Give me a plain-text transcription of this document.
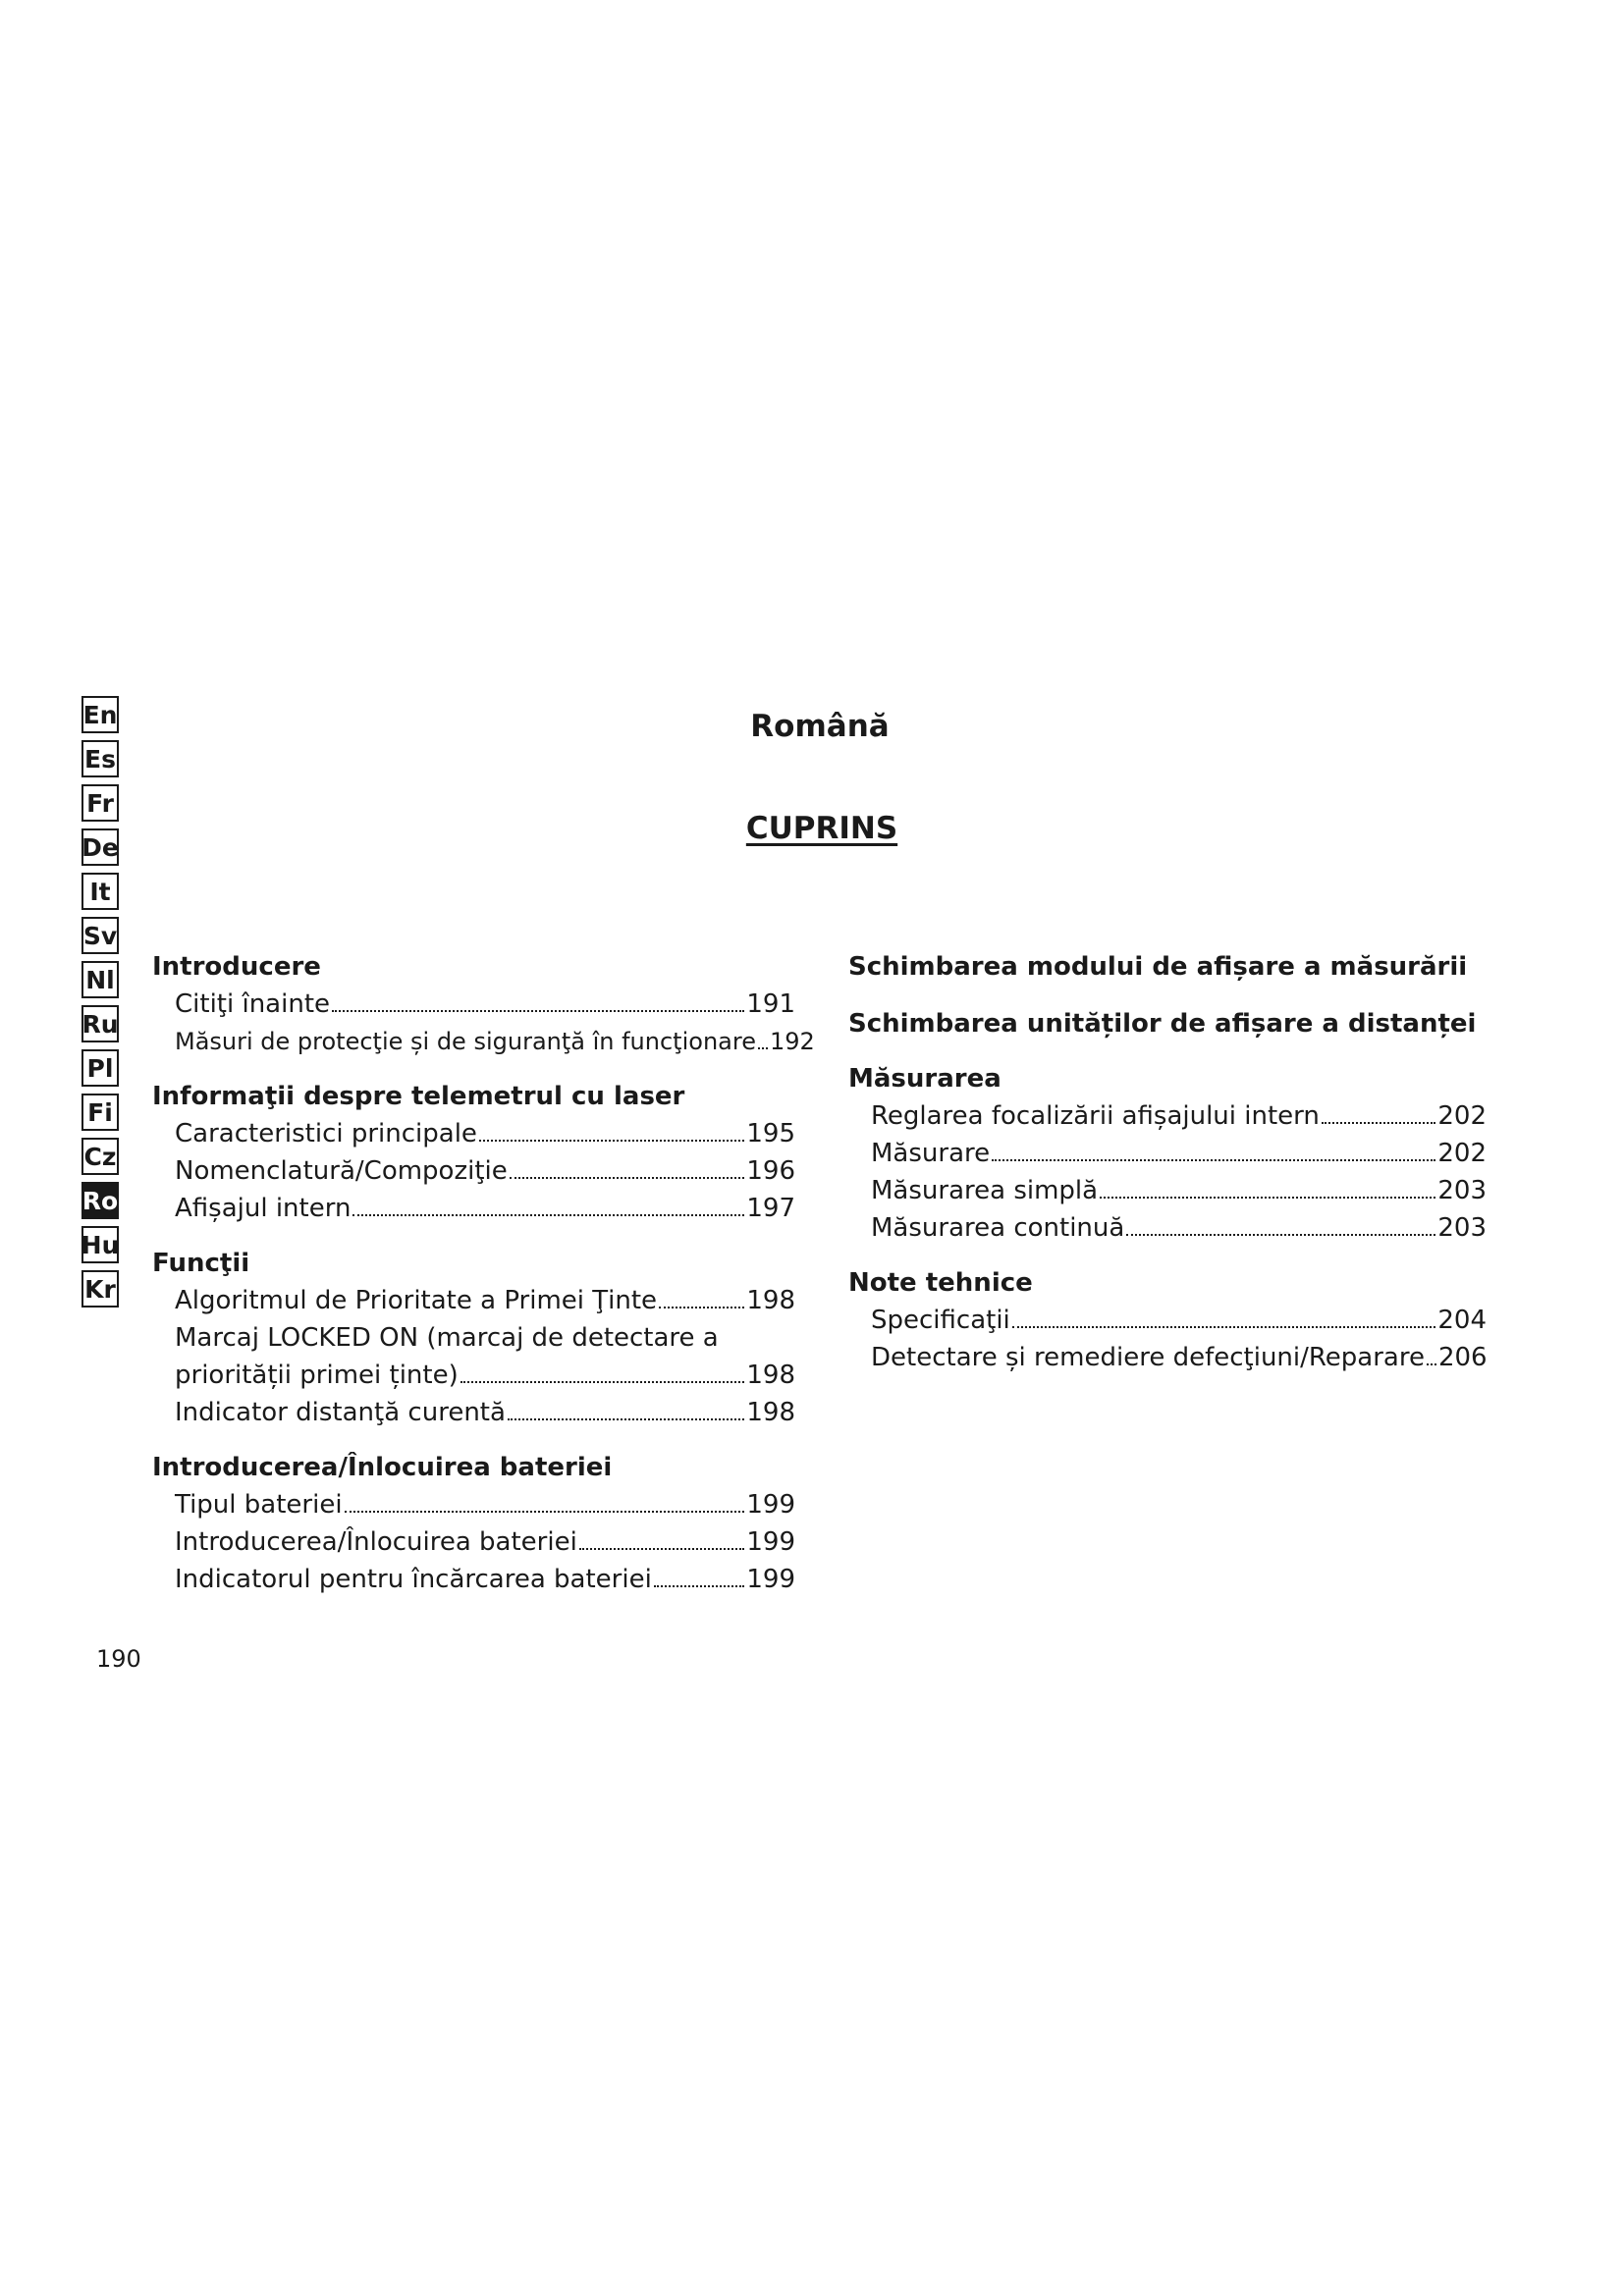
En
Es
Fr
De
It
Sv
Nl
Ru
Pl
Fi
Cz
Ro
Hu
Kr
Română
CUPRINS
Introducere
Citiţi înainte	191
Măsuri de protecţie și de siguranţă în funcţionare 192
Informaţii despre telemetrul cu laser
Caracteristici principale	195
Nomenclatură/Compoziţie	196
Afișajul intern	197
Funcţii
Algoritmul de Prioritate a Primei Ţinte	198
Marcaj LOCKED ON (marcaj de detectare a
priorității primei ținte)	198
Indicator distanţă curentă	198
Introducerea/Înlocuirea bateriei
Tipul bateriei	199
Introducerea/Înlocuirea bateriei	199
Indicatorul pentru încărcarea bateriei	199
Schimbarea modului de afișare a măsurării
Schimbarea unităților de afișare a distanței
Măsurarea
Reglarea focalizării afișajului intern	202
Măsurare	202
Măsurarea simplă	203
Măsurarea continuă	203
Note tehnice
Specificaţii	204
Detectare și remediere defecţiuni/Reparare 206
190
